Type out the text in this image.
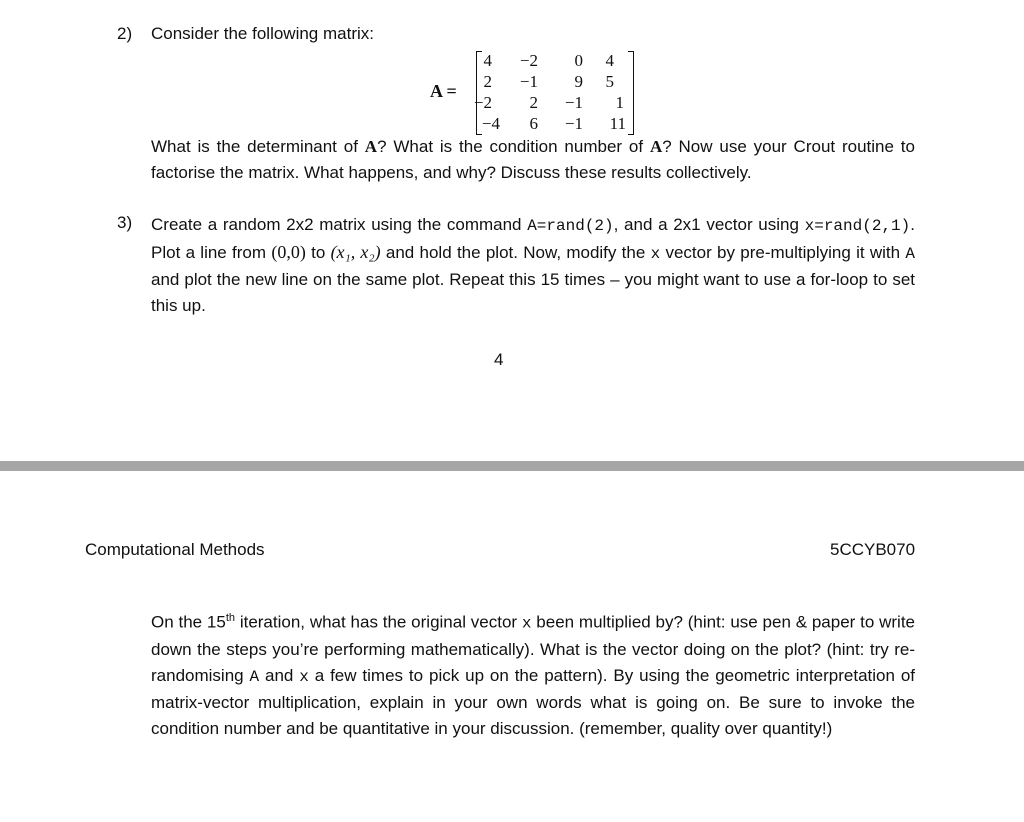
2) Consider the following matrix:
A =
4	−2	0	4
2	−1	9	5
−2	2	−1	1
−4	6	−1	11
What is the determinant of A? What is the condition number of A? Now use your Crout routine to factorise the matrix. What happens, and why? Discuss these results collectively.
3) Create a random 2x2 matrix using the command A=rand(2), and a 2x1 vector using x=rand(2,1). Plot a line from (0,0) to (x₁, x₂) and hold the plot. Now, modify the x vector by pre-multiplying it with A and plot the new line on the same plot. Repeat this 15 times – you might want to use a for-loop to set this up.
4
Computational Methods	5CCYB070
On the 15th iteration, what has the original vector x been multiplied by? (hint: use pen & paper to write down the steps you’re performing mathematically). What is the vector doing on the plot? (hint: try re-randomising A and x a few times to pick up on the pattern). By using the geometric interpretation of matrix-vector multiplication, explain in your own words what is going on. Be sure to invoke the condition number and be quantitative in your discussion. (remember, quality over quantity!)
